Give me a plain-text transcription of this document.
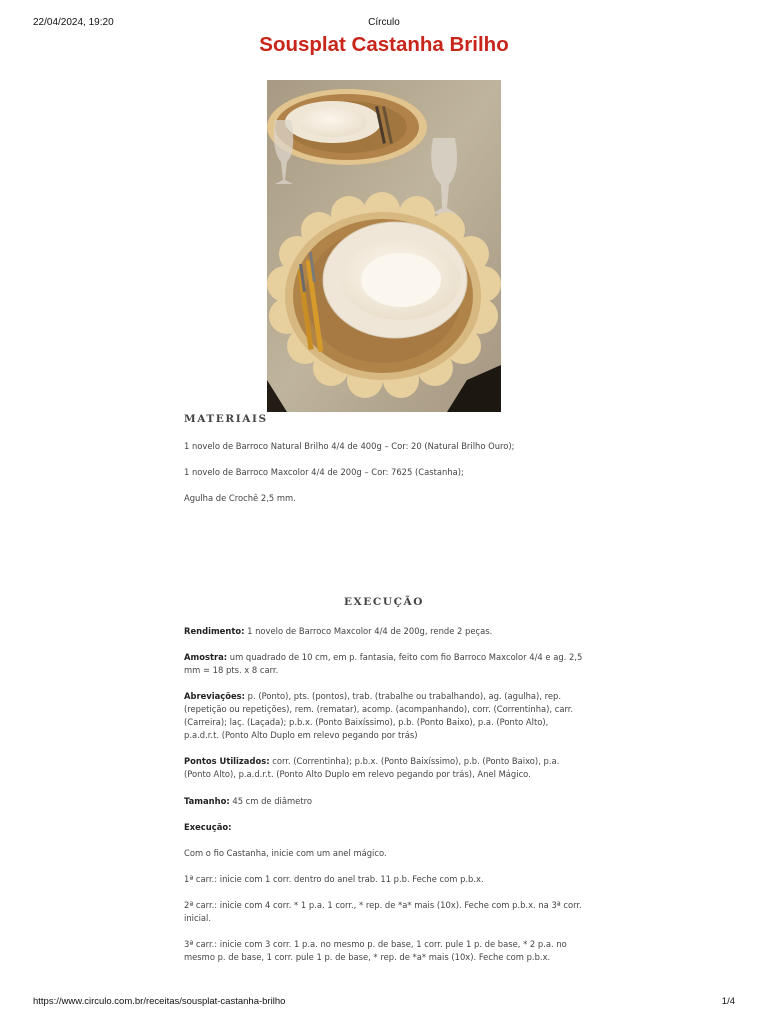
22/04/2024, 19:20	Círculo
Sousplat Castanha Brilho
MATERIAIS

1 novelo de Barroco Natural Brilho 4/4 de 400g – Cor: 20 (Natural Brilho Ouro);

1 novelo de Barroco Maxcolor 4/4 de 200g – Cor: 7625 (Castanha);

Agulha de Crochê 2,5 mm.

EXECUÇÃO

Rendimento: 1 novelo de Barroco Maxcolor 4/4 de 200g, rende 2 peças.

Amostra: um quadrado de 10 cm, em p. fantasia, feito com fio Barroco Maxcolor 4/4 e ag. 2,5 mm = 18 pts. x 8 carr.

Abreviações: p. (Ponto), pts. (pontos), trab. (trabalhe ou trabalhando), ag. (agulha), rep. (repetição ou repetições), rem. (rematar), acomp. (acompanhando), corr. (Correntinha), carr. (Carreira); laç. (Laçada); p.b.x. (Ponto Baixíssimo), p.b. (Ponto Baixo), p.a. (Ponto Alto), p.a.d.r.t. (Ponto Alto Duplo em relevo pegando por trás)

Pontos Utilizados: corr. (Correntinha); p.b.x. (Ponto Baixíssimo), p.b. (Ponto Baixo), p.a. (Ponto Alto), p.a.d.r.t. (Ponto Alto Duplo em relevo pegando por trás), Anel Mágico.

Tamanho: 45 cm de diâmetro

Execução:

Com o fio Castanha, inicie com um anel mágico.

1ª carr.: inicie com 1 corr. dentro do anel trab. 11 p.b. Feche com p.b.x.

2ª carr.: inicie com 4 corr. * 1 p.a. 1 corr., * rep. de *a* mais (10x). Feche com p.b.x. na 3ª corr. inicial.

3ª carr.: inicie com 3 corr. 1 p.a. no mesmo p. de base, 1 corr. pule 1 p. de base, * 2 p.a. no mesmo p. de base, 1 corr. pule 1 p. de base, * rep. de *a* mais (10x). Feche com p.b.x.

https://www.circulo.com.br/receitas/sousplat-castanha-brilho	1/4
